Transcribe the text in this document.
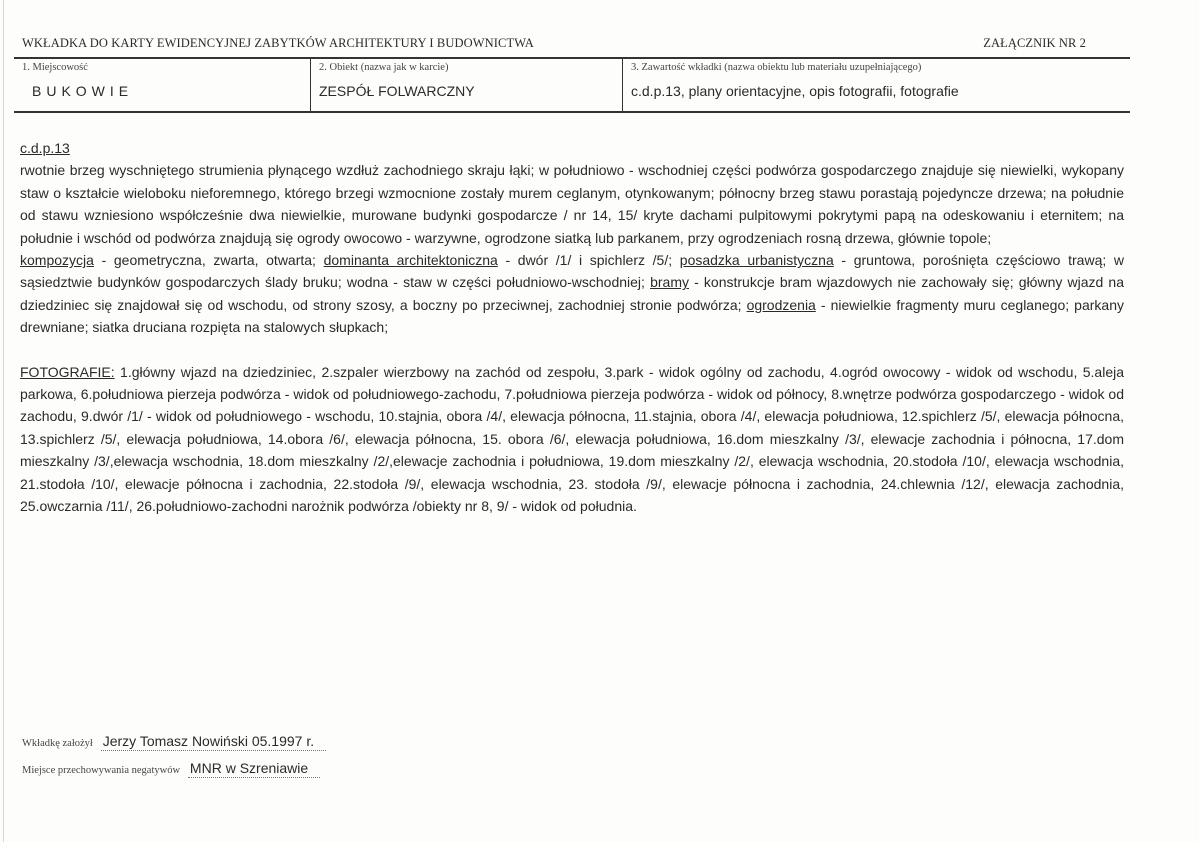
WKŁADKA DO KARTY EWIDENCYJNEJ ZABYTKÓW ARCHITEKTURY I BUDOWNICTWA	ZAŁĄCZNIK NR 2
1. Miejscowość
BUKOWIE
2. Obiekt (nazwa jak w karcie)
ZESPÓŁ FOLWARCZNY
3. Zawartość wkładki (nazwa obiektu lub materiału uzupełniającego)
c.d.p.13, plany orientacyjne, opis fotografii, fotografie

c.d.p.13

rwotnie brzeg wyschniętego strumienia płynącego wzdłuż zachodniego skraju łąki; w południowo - wschodniej części podwórza gospodarczego znajduje się niewielki, wykopany staw o kształcie wieloboku nieforemnego, którego brzegi wzmocnione zostały murem ceglanym, otynkowanym; północny brzeg stawu porastają pojedyncze drzewa; na południe od stawu wzniesiono współcześnie dwa niewielkie, murowane budynki gospodarcze / nr 14, 15/ kryte dachami pulpitowymi pokrytymi papą na odeskowaniu i eternitem; na południe i wschód od podwórza znajdują się ogrody owocowo - warzywne, ogrodzone siatką lub parkanem, przy ogrodzeniach rosną drzewa, głównie topole;

kompozycja - geometryczna, zwarta, otwarta; dominanta architektoniczna - dwór /1/ i spichlerz /5/; posadzka urbanistyczna - gruntowa, porośnięta częściowo trawą; w sąsiedztwie budynków gospodarczych ślady bruku; wodna - staw w części południowo-wschodniej; bramy - konstrukcje bram wjazdowych nie zachowały się; główny wjazd na dziedziniec się znajdował się od wschodu, od strony szosy, a boczny po przeciwnej, zachodniej stronie podwórza; ogrodzenia - niewielkie fragmenty muru ceglanego; parkany drewniane; siatka druciana rozpięta na stalowych słupkach;

FOTOGRAFIE: 1.główny wjazd na dziedziniec, 2.szpaler wierzbowy na zachód od zespołu, 3.park - widok ogólny od zachodu, 4.ogród owocowy - widok od wschodu, 5.aleja parkowa, 6.południowa pierzeja podwórza - widok od południowego-zachodu, 7.południowa pierzeja podwórza - widok od północy, 8.wnętrze podwórza gospodarczego - widok od zachodu, 9.dwór /1/ - widok od południowego - wschodu, 10.stajnia, obora /4/, elewacja północna, 11.stajnia, obora /4/, elewacja południowa, 12.spichlerz /5/, elewacja północna, 13.spichlerz /5/, elewacja południowa, 14.obora /6/, elewacja północna, 15. obora /6/, elewacja południowa, 16.dom mieszkalny /3/, elewacje zachodnia i północna, 17.dom mieszkalny /3/,elewacja wschodnia, 18.dom mieszkalny /2/,elewacje zachodnia i południowa, 19.dom mieszkalny /2/, elewacja wschodnia, 20.stodoła /10/, elewacja wschodnia, 21.stodoła /10/, elewacje północna i zachodnia, 22.stodoła /9/, elewacja wschodnia, 23. stodoła /9/, elewacje północna i zachodnia, 24.chlewnia /12/, elewacja zachodnia, 25.owczarnia /11/, 26.południowo-zachodni narożnik podwórza /obiekty nr 8, 9/ - widok od południa.

Wkładkę założył Jerzy Tomasz Nowiński 05.1997 r.
Miejsce przechowywania negatywów MNR w Szreniawie
